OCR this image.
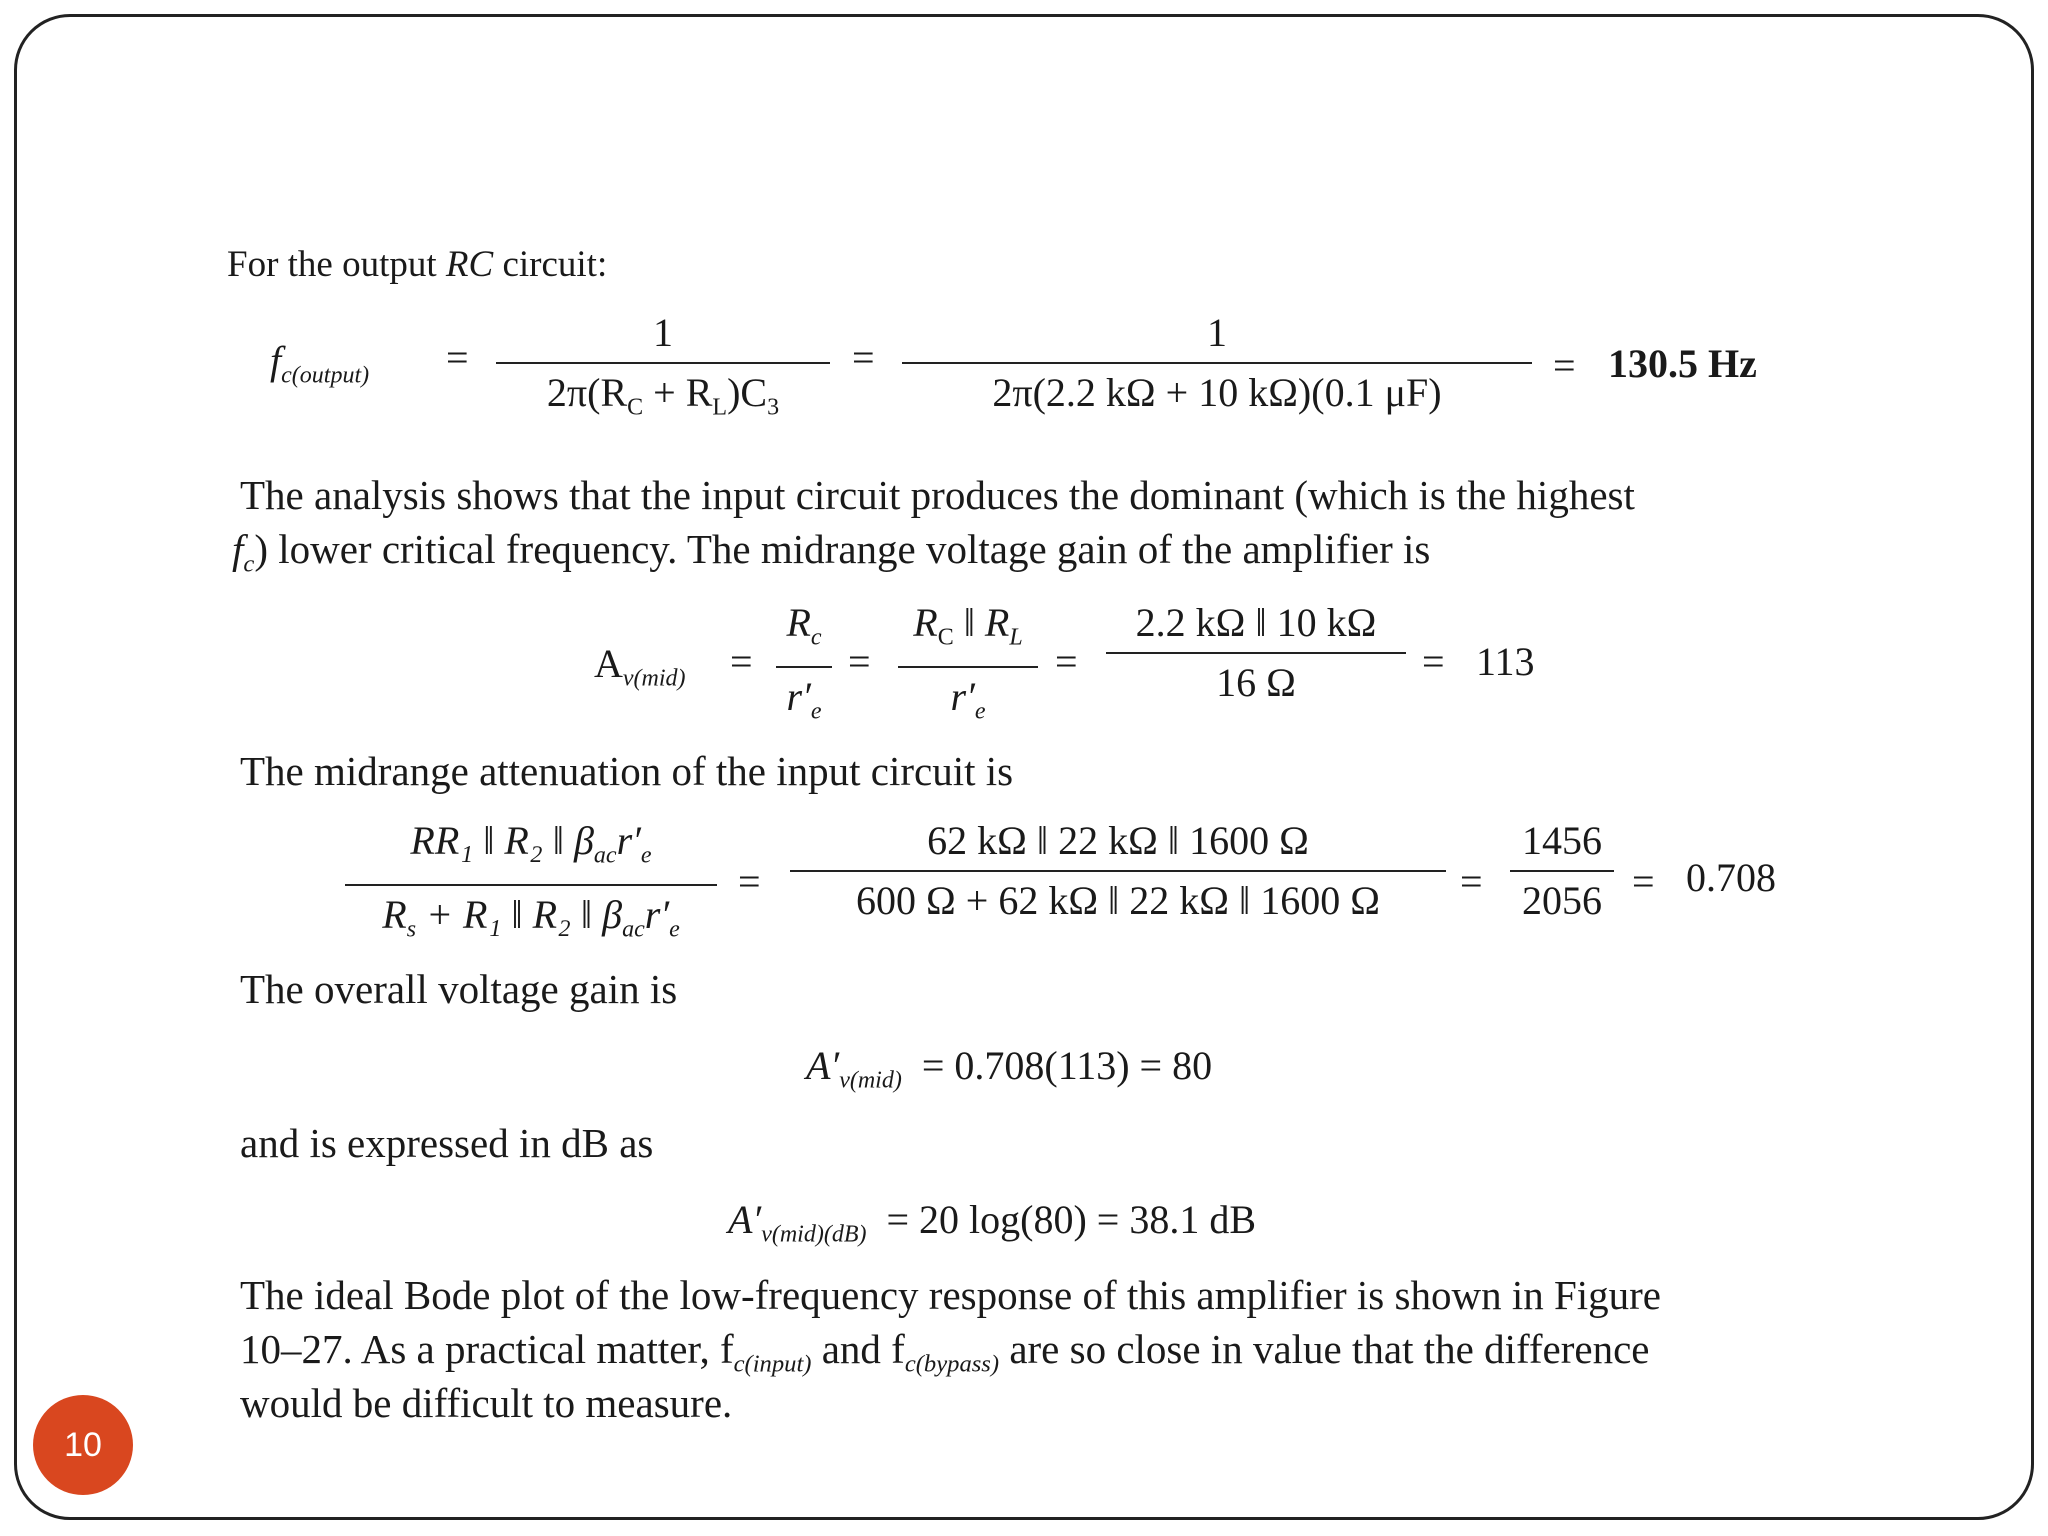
For the output RC circuit:
$f_{c(output)}$ =
1
$2\pi(R_C + R_L)C_3$
=
1
2π(2.2 kΩ + 10 kΩ)(0.1 μF)
= 130.5 Hz
The analysis shows that the input circuit produces the dominant (which is the highest
$f_c$) lower critical frequency. The midrange voltage gain of the amplifier is
$A_{v(mid)}$ =
$R_c$
$r'_e$
=
$R_C$ ‖ $R_L$
$r'_e$
=
2.2 kΩ ‖ 10 kΩ
16 Ω	= 113
The midrange attenuation of the input circuit is
RR₁ ‖ R₂ ‖ $\beta_{ac}r'_e$
$R_s + R_1$ ‖ R₂ ‖ $\beta_{ac}r'_e$
=
62 kΩ ‖ 22 kΩ ‖ 1600 Ω
600 Ω + 62 kΩ ‖ 22 kΩ ‖ 1600 Ω =
1456
2056 = 0.708
The overall voltage gain is
$A'_{v(mid)} = 0.708(113) = 80$
and is expressed in dB as
$A'_{v(mid)(dB)} = 20$ log(80) = 38.1 dB
The ideal Bode plot of the low-frequency response of this amplifier is shown in Figure
10–27. As a practical matter, $f_{c(input)}$ and $f_{c(bypass)}$ are so close in value that the difference
would be difficult to measure.
10
